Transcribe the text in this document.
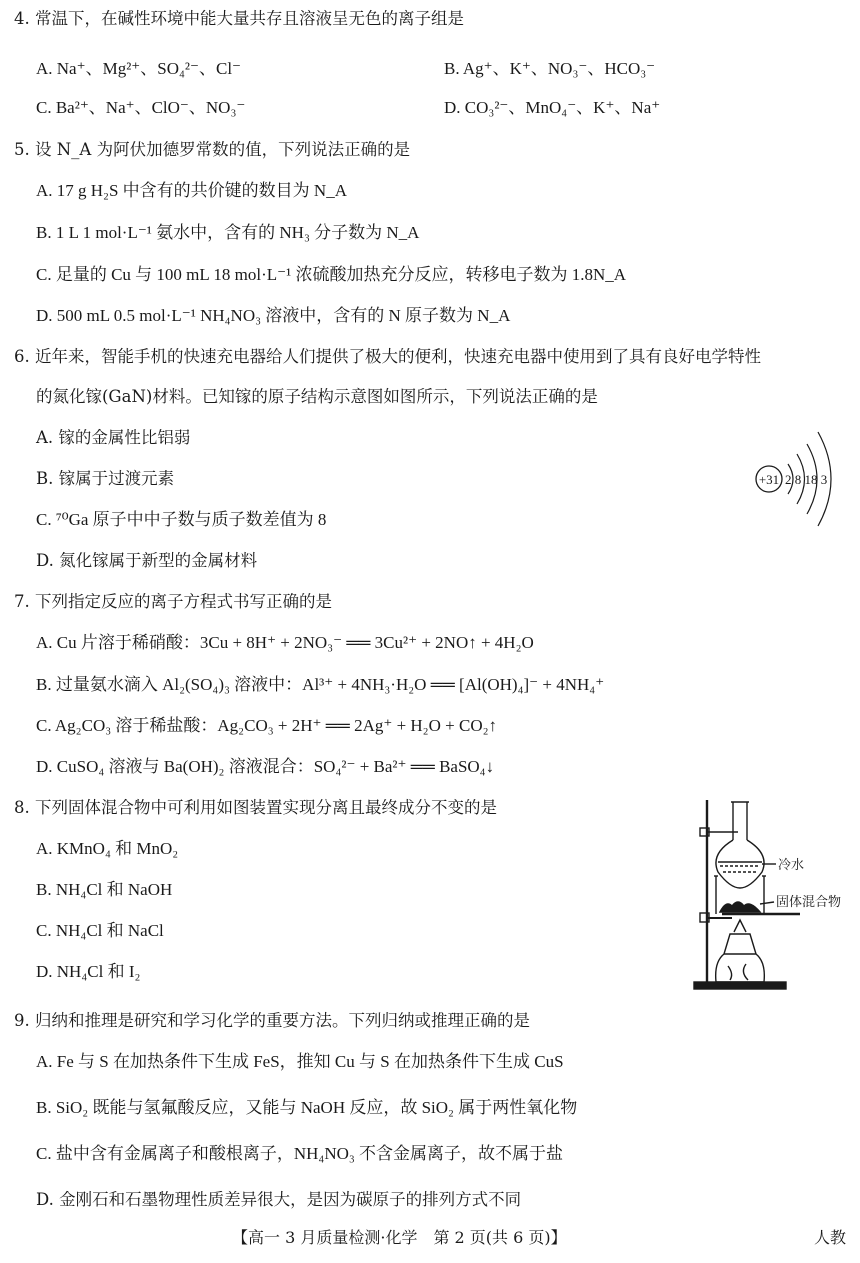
4. 常温下，在碱性环境中能大量共存且溶液呈无色的离子组是
A. Na⁺、Mg²⁺、SO₄²⁻、Cl⁻	B. Ag⁺、K⁺、NO₃⁻、HCO₃⁻
C. Ba²⁺、Na⁺、ClO⁻、NO₃⁻	D. CO₃²⁻、MnO₄⁻、K⁺、Na⁺
5. 设 N_A 为阿伏加德罗常数的值，下列说法正确的是
A. 17 g H₂S 中含有的共价键的数目为 N_A
B. 1 L 1 mol·L⁻¹ 氨水中，含有的 NH₃ 分子数为 N_A
C. 足量的 Cu 与 100 mL 18 mol·L⁻¹ 浓硫酸加热充分反应，转移电子数为 1.8N_A
D. 500 mL 0.5 mol·L⁻¹ NH₄NO₃ 溶液中，含有的 N 原子数为 N_A
6. 近年来，智能手机的快速充电器给人们提供了极大的便利，快速充电器中使用到了具有良好电学特性
的氮化镓(GaN)材料。已知镓的原子结构示意图如图所示，下列说法正确的是
A. 镓的金属性比铝弱
B. 镓属于过渡元素
C. ⁷⁰Ga 原子中中子数与质子数差值为 8
D. 氮化镓属于新型的金属材料
+31 2 8 18 3
7. 下列指定反应的离子方程式书写正确的是
A. Cu 片溶于稀硝酸：3Cu + 8H⁺ + 2NO₃⁻ ══ 3Cu²⁺ + 2NO↑ + 4H₂O
B. 过量氨水滴入 Al₂(SO₄)₃ 溶液中：Al³⁺ + 4NH₃·H₂O ══ [Al(OH)₄]⁻ + 4NH₄⁺
C. Ag₂CO₃ 溶于稀盐酸：Ag₂CO₃ + 2H⁺ ══ 2Ag⁺ + H₂O + CO₂↑
D. CuSO₄ 溶液与 Ba(OH)₂ 溶液混合：SO₄²⁻ + Ba²⁺ ══ BaSO₄↓
8. 下列固体混合物中可利用如图装置实现分离且最终成分不变的是
A. KMnO₄ 和 MnO₂
B. NH₄Cl 和 NaOH
C. NH₄Cl 和 NaCl
D. NH₄Cl 和 I₂
冷水
固体混合物
9. 归纳和推理是研究和学习化学的重要方法。下列归纳或推理正确的是
A. Fe 与 S 在加热条件下生成 FeS，推知 Cu 与 S 在加热条件下生成 CuS
B. SiO₂ 既能与氢氟酸反应，又能与 NaOH 反应，故 SiO₂ 属于两性氧化物
C. 盐中含有金属离子和酸根离子，NH₄NO₃ 不含金属离子，故不属于盐
D. 金刚石和石墨物理性质差异很大，是因为碳原子的排列方式不同
【高一 3 月质量检测·化学　第 2 页(共 6 页)】	人教
